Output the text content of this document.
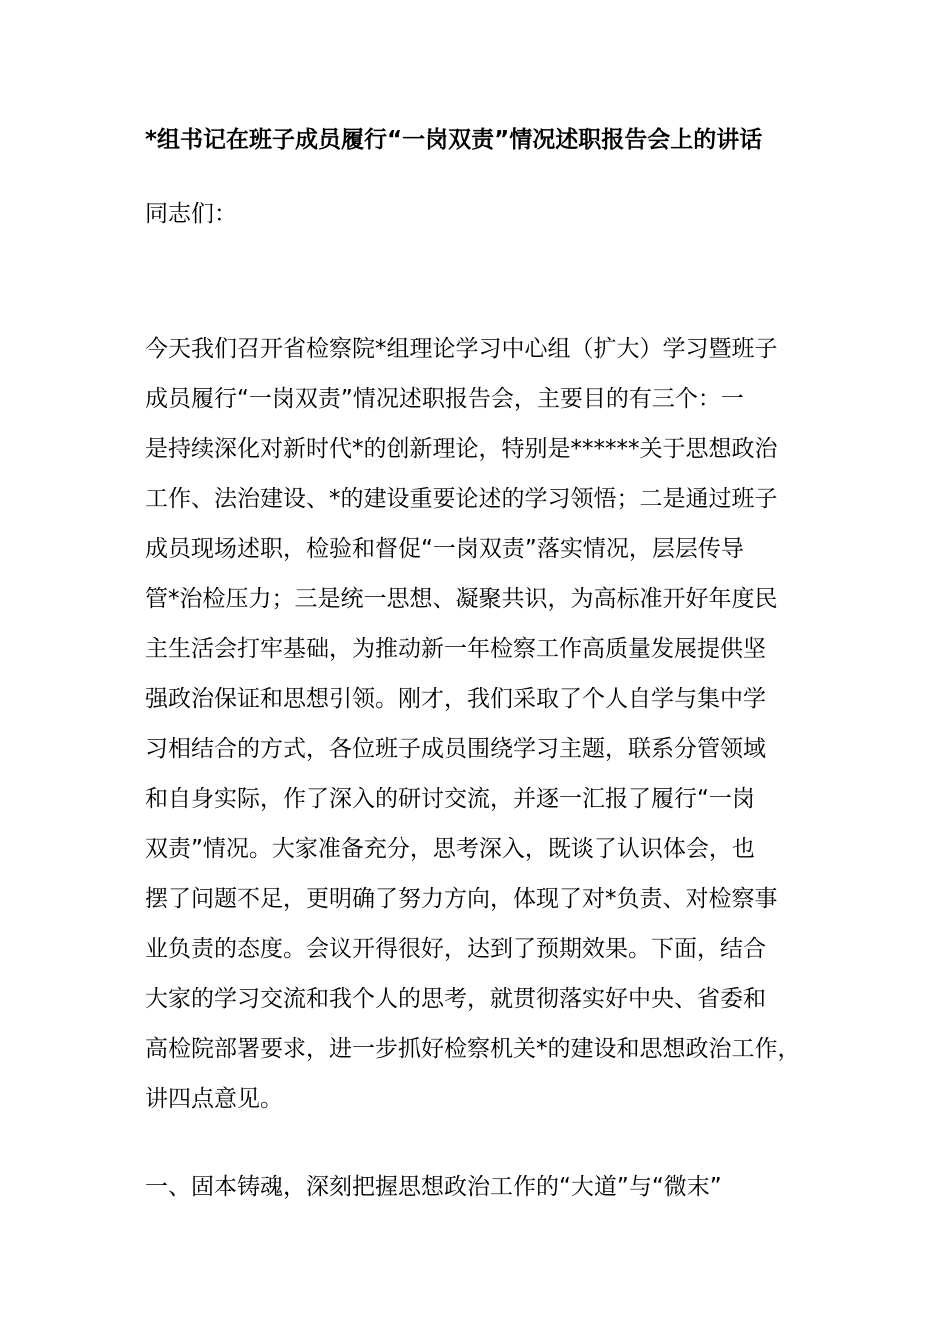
*组书记在班子成员履行“一岗双责”情况述职报告会上的讲话
同志们：
今天我们召开省检察院*组理论学习中心组（扩大）学习暨班子
成员履行“一岗双责”情况述职报告会，主要目的有三个：一
是持续深化对新时代*的创新理论，特别是******关于思想政治
工作、法治建设、*的建设重要论述的学习领悟；二是通过班子
成员现场述职，检验和督促“一岗双责”落实情况，层层传导
管*治检压力；三是统一思想、凝聚共识，为高标准开好年度民
主生活会打牢基础，为推动新一年检察工作高质量发展提供坚
强政治保证和思想引领。刚才，我们采取了个人自学与集中学
习相结合的方式，各位班子成员围绕学习主题，联系分管领域
和自身实际，作了深入的研讨交流，并逐一汇报了履行“一岗
双责”情况。大家准备充分，思考深入，既谈了认识体会，也
摆了问题不足，更明确了努力方向，体现了对*负责、对检察事
业负责的态度。会议开得很好，达到了预期效果。下面，结合
大家的学习交流和我个人的思考，就贯彻落实好中央、省委和
高检院部署要求，进一步抓好检察机关*的建设和思想政治工作，
讲四点意见。
一、固本铸魂，深刻把握思想政治工作的“大道”与“微末”
